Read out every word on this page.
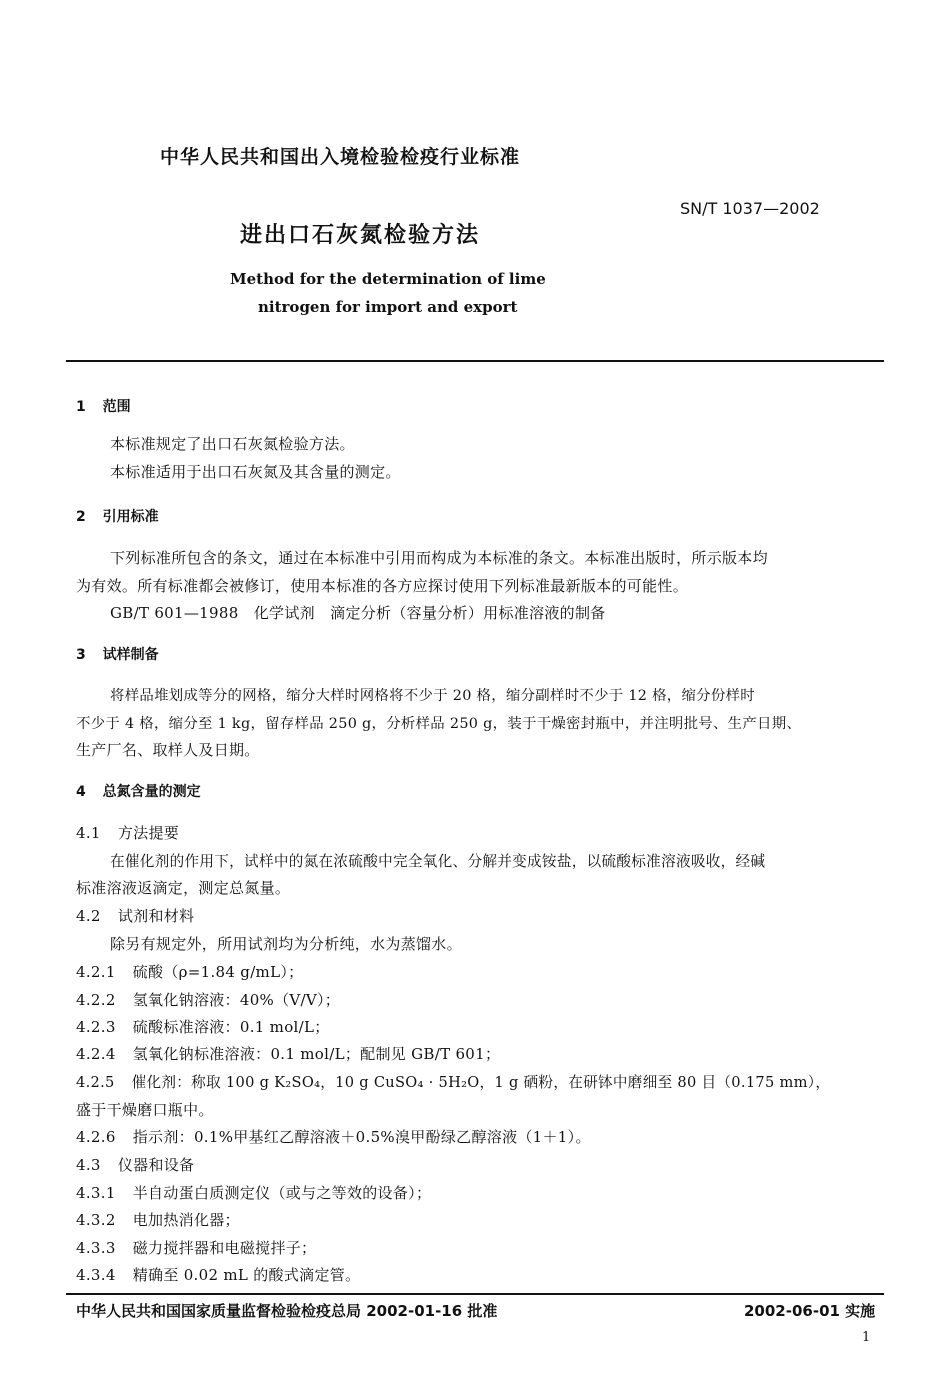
中华人民共和国出入境检验检疫行业标准
SN/T 1037—2002
进出口石灰氮检验方法
Method for the determination of lime
nitrogen for import and export
1 范围
本标准规定了出口石灰氮检验方法。
本标准适用于出口石灰氮及其含量的测定。
2 引用标准
下列标准所包含的条文，通过在本标准中引用而构成为本标准的条文。本标准出版时，所示版本均
为有效。所有标准都会被修订，使用本标准的各方应探讨使用下列标准最新版本的可能性。
GB/T 601—1988   化学试剂   滴定分析（容量分析）用标准溶液的制备
3 试样制备
将样品堆划成等分的网格，缩分大样时网格将不少于 20 格，缩分副样时不少于 12 格，缩分份样时
不少于 4 格，缩分至 1 kg，留存样品 250 g，分析样品 250 g，装于干燥密封瓶中，并注明批号、生产日期、
生产厂名、取样人及日期。
4 总氮含量的测定
4.1 方法提要
在催化剂的作用下，试样中的氮在浓硫酸中完全氧化、分解并变成铵盐，以硫酸标准溶液吸收，经碱
标准溶液返滴定，测定总氮量。
4.2 试剂和材料
除另有规定外，所用试剂均为分析纯，水为蒸馏水。
4.2.1 硫酸（ρ=1.84 g/mL）；
4.2.2 氢氧化钠溶液：40%（V/V）；
4.2.3 硫酸标准溶液：0.1 mol/L；
4.2.4 氢氧化钠标准溶液：0.1 mol/L；配制见 GB/T 601；
4.2.5 催化剂：称取 100 g K₂SO₄，10 g CuSO₄ · 5H₂O，1 g 硒粉，在研钵中磨细至 80 目（0.175 mm），
盛于干燥磨口瓶中。
4.2.6 指示剂：0.1%甲基红乙醇溶液＋0.5%溴甲酚绿乙醇溶液（1＋1）。
4.3 仪器和设备
4.3.1 半自动蛋白质测定仪（或与之等效的设备）；
4.3.2 电加热消化器；
4.3.3 磁力搅拌器和电磁搅拌子；
4.3.4 精确至 0.02 mL 的酸式滴定管。
中华人民共和国国家质量监督检验检疫总局 2002-01-16 批准	2002-06-01 实施
1
